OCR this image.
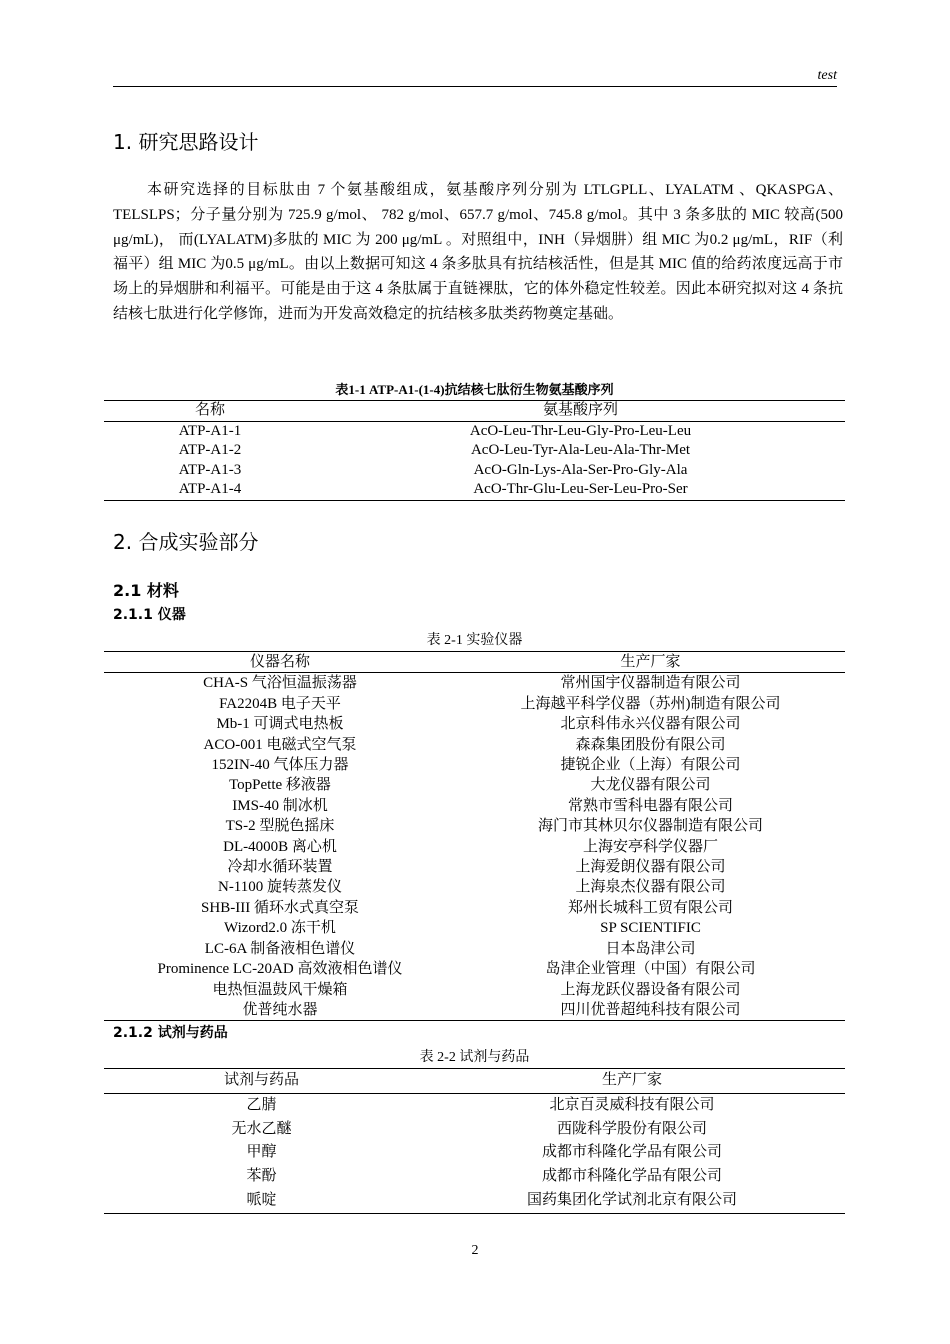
test
1. 研究思路设计

本研究选择的目标肽由 7 个氨基酸组成，氨基酸序列分别为 LTLGPLL、LYALATM 、QKASPGA、TELSLPS；分子量分别为 725.9 g/mol、 782 g/mol、657.7 g/mol、745.8 g/mol。其中 3 条多肽的 MIC 较高(500 μg/mL)， 而(LYALATM)多肽的 MIC 为 200 μg/mL 。对照组中，INH（异烟肼）组 MIC 为0.2 μg/mL，RIF（利福平）组 MIC 为0.5 μg/mL。由以上数据可知这 4 条多肽具有抗结核活性，但是其 MIC 值的给药浓度远高于市场上的异烟肼和利福平。可能是由于这 4 条肽属于直链裸肽，它的体外稳定性较差。因此本研究拟对这 4 条抗结核七肽进行化学修饰，进而为开发高效稳定的抗结核多肽类药物奠定基础。

表1-1 ATP-A1-(1-4)抗结核七肽衍生物氨基酸序列
名称	氨基酸序列
ATP-A1-1	AcO-Leu-Thr-Leu-Gly-Pro-Leu-Leu
ATP-A1-2	AcO-Leu-Tyr-Ala-Leu-Ala-Thr-Met
ATP-A1-3	AcO-Gln-Lys-Ala-Ser-Pro-Gly-Ala
ATP-A1-4	AcO-Thr-Glu-Leu-Ser-Leu-Pro-Ser
2. 合成实验部分
2.1 材料
2.1.1 仪器
表 2-1 实验仪器
仪器名称	生产厂家
CHA-S 气浴恒温振荡器	常州国宇仪器制造有限公司
FA2204B 电子天平	上海越平科学仪器（苏州)制造有限公司
Mb-1 可调式电热板	北京科伟永兴仪器有限公司
ACO-001 电磁式空气泵	森森集团股份有限公司
152IN-40 气体压力器	捷锐企业（上海）有限公司
TopPette 移液器	大龙仪器有限公司
IMS-40 制冰机	常熟市雪科电器有限公司
TS-2 型脱色摇床	海门市其林贝尔仪器制造有限公司
DL-4000B 离心机	上海安亭科学仪器厂
冷却水循环装置	上海爱朗仪器有限公司
N-1100 旋转蒸发仪	上海泉杰仪器有限公司
SHB-III 循环水式真空泵	郑州长城科工贸有限公司
Wizord2.0 冻干机	SP SCIENTIFIC
LC-6A 制备液相色谱仪	日本岛津公司
Prominence LC-20AD 高效液相色谱仪	岛津企业管理（中国）有限公司
电热恒温鼓风干燥箱	上海龙跃仪器设备有限公司
优普纯水器	四川优普超纯科技有限公司
2.1.2 试剂与药品
表 2-2 试剂与药品
试剂与药品	生产厂家
乙腈	北京百灵威科技有限公司
无水乙醚	西陇科学股份有限公司
甲醇	成都市科隆化学品有限公司
苯酚	成都市科隆化学品有限公司
哌啶	国药集团化学试剂北京有限公司
2
